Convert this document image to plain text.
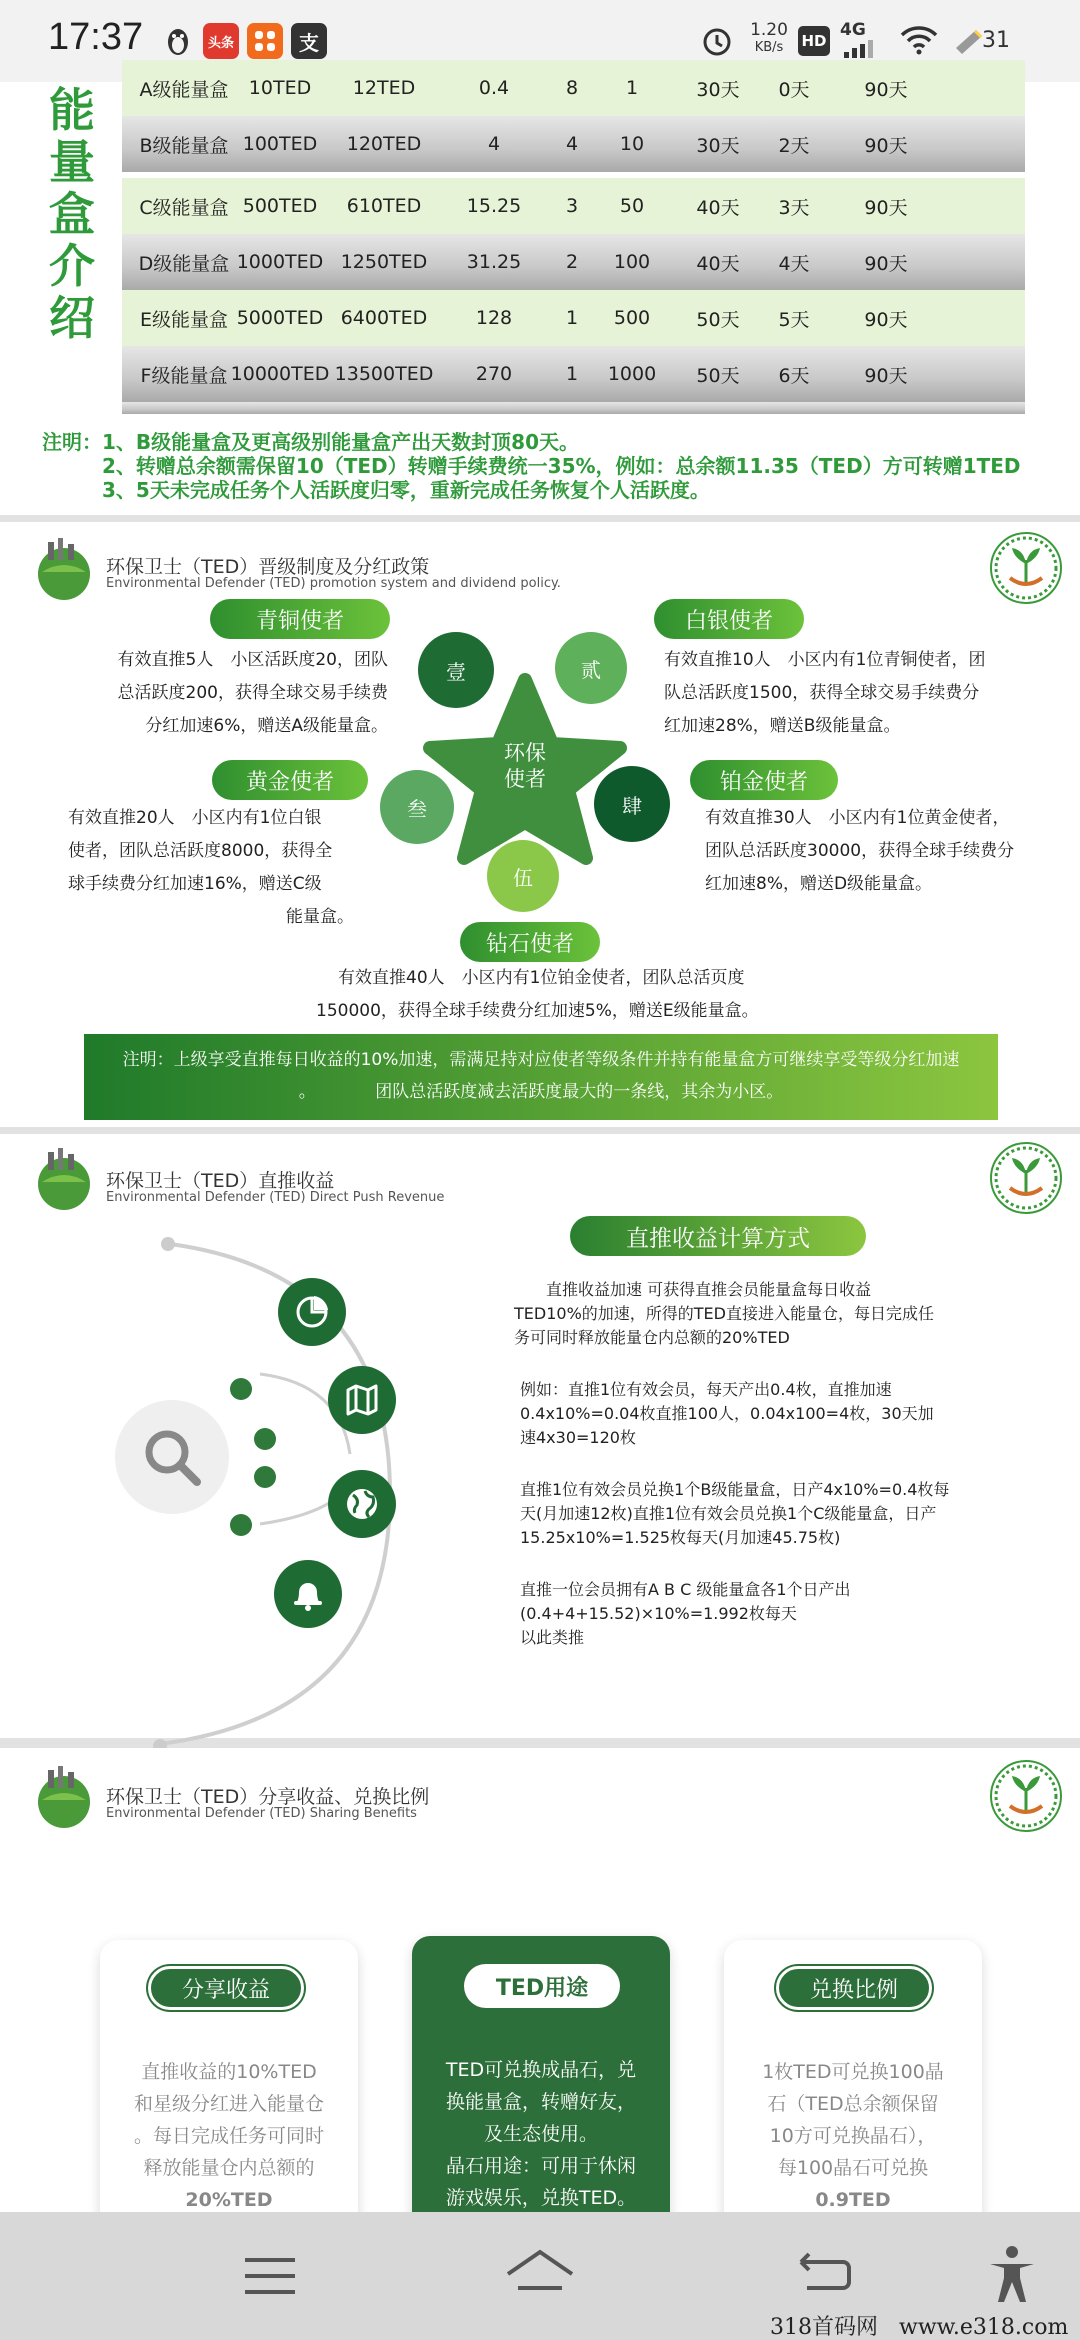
17:37	头条	支
1.20
KB/s	HD
4G	31
能
量
盒
介
绍
A级能量盒	10TED	12TED	0.4	8	1	30天	0天	90天
B级能量盒 100TED	120TED	4	4	10	30天	2天	90天
C级能量盒 500TED	610TED	15.25	3	50	40天	3天	90天
D级能量盒 1000TED 1250TED	31.25	2	100	40天	4天	90天
E级能量盒 5000TED 6400TED	128	1	500	50天	5天	90天
F级能量盒 10000TED 13500TED	270	1	1000	50天	6天	90天
注明：1、B级能量盒及更高级别能量盒产出天数封顶80天。
2、转赠总余额需保留10（TED）转赠手续费统一35%，例如：总余额11.35（TED）方可转赠1TED
3、5天未完成任务个人活跃度归零，重新完成任务恢复个人活跃度。
环保卫士（TED）晋级制度及分红政策
Environmental Defender (TED) promotion system and dividend policy.
环保
使者
壹	贰
叁	肆
伍
青铜使者
有效直推5人　小区活跃度20，团队
总活跃度200，获得全球交易手续费
分红加速6%，赠送A级能量盒。
白银使者
有效直推10人　小区内有1位青铜使者，团
队总活跃度1500，获得全球交易手续费分
红加速28%，赠送B级能量盒。
黄金使者
有效直推20人　小区内有1位白银
使者，团队总活跃度8000，获得全
球手续费分红加速16%，赠送C级
能量盒。
铂金使者
有效直推30人　小区内有1位黄金使者，
团队总活跃度30000，获得全球手续费分
红加速8%，赠送D级能量盒。
钻石使者
有效直推40人　小区内有1位铂金使者，团队总活页度
150000，获得全球手续费分红加速5%，赠送E级能量盒。
注明：上级享受直推每日收益的10%加速，需满足持对应使者等级条件并持有能量盒方可继续享受等级分红加速
。　　　　团队总活跃度减去活跃度最大的一条线，其余为小区。
环保卫士（TED）直推收益
Environmental Defender (TED) Direct Push Revenue
直推收益计算方式
　　直推收益加速 可获得直推会员能量盒每日收益
TED10%的加速，所得的TED直接进入能量仓，每日完成任
务可同时释放能量仓内总额的20%TED
例如：直推1位有效会员，每天产出0.4枚，直推加速
0.4x10%=0.04枚直推100人，0.04x100=4枚，30天加
速4x30=120枚
直推1位有效会员兑换1个B级能量盒，日产4x10%=0.4枚每
天(月加速12枚)直推1位有效会员兑换1个C级能量盒，日产
15.25x10%=1.525枚每天(月加速45.75枚)
直推一位会员拥有A B C 级能量盒各1个日产出
(0.4+4+15.52)×10%=1.992枚每天
以此类推
环保卫士（TED）分享收益、兑换比例
Environmental Defender (TED) Sharing Benefits
分享收益
直推收益的10%TED
和星级分红进入能量仓
。每日完成任务可同时
释放能量仓内总额的
20%TED
TED用途
TED可兑换成晶石，兑
换能量盒，转赠好友，
及生态使用。
晶石用途：可用于休闲
游戏娱乐，兑换TED。
兑换比例
1枚TED可兑换100晶
石（TED总余额保留
10方可兑换晶石），
每100晶石可兑换
0.9TED
318首码网 www.e318.com
